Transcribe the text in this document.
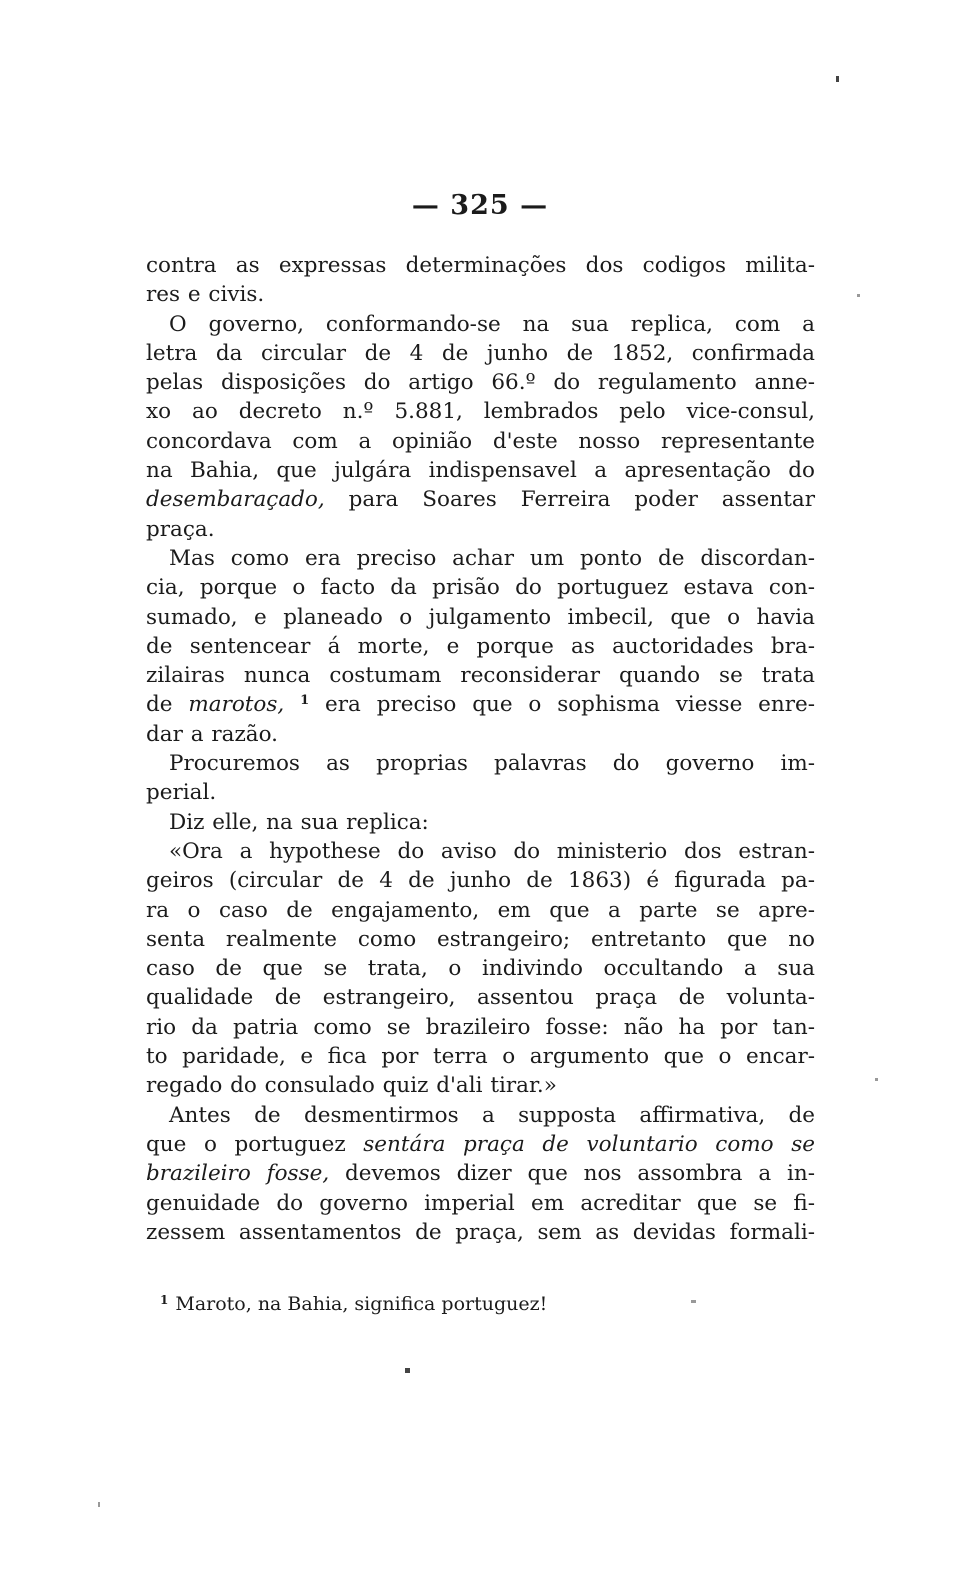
— 325 —
contra as expressas determinações dos codigos milita-
res e civis.
O governo, conformando-se na sua replica, com a
letra da circular de 4 de junho de 1852, confirmada
pelas disposições do artigo 66.º do regulamento anne-
xo ao decreto n.º 5.881, lembrados pelo vice-consul,
concordava com a opinião d'este nosso representante
na Bahia, que julgára indispensavel a apresentação do
desembaraçado, para Soares Ferreira poder assentar
praça.
Mas como era preciso achar um ponto de discordan-
cia, porque o facto da prisão do portuguez estava con-
sumado, e planeado o julgamento imbecil, que o havia
de sentencear á morte, e porque as auctoridades bra-
zilairas nunca costumam reconsiderar quando se trata
de marotos, $^1$ era preciso que o sophisma viesse enre-
dar a razão.
Procuremos as proprias palavras do governo im-
perial.
Diz elle, na sua replica:
«Ora a hypothese do aviso do ministerio dos estran-
geiros (circular de 4 de junho de 1863) é figurada pa-
ra o caso de engajamento, em que a parte se apre-
senta realmente como estrangeiro; entretanto que no
caso de que se trata, o indivindo occultando a sua
qualidade de estrangeiro, assentou praça de volunta-
rio da patria como se brazileiro fosse: não ha por tan-
to paridade, e fica por terra o argumento que o encar-
regado do consulado quiz d'ali tirar.»
Antes de desmentirmos a supposta affirmativa, de
que o portuguez sentára praça de voluntario como se
brazileiro fosse, devemos dizer que nos assombra a in-
genuidade do governo imperial em acreditar que se fi-
zessem assentamentos de praça, sem as devidas formali-
$^1$ Maroto, na Bahia, significa portuguez!
